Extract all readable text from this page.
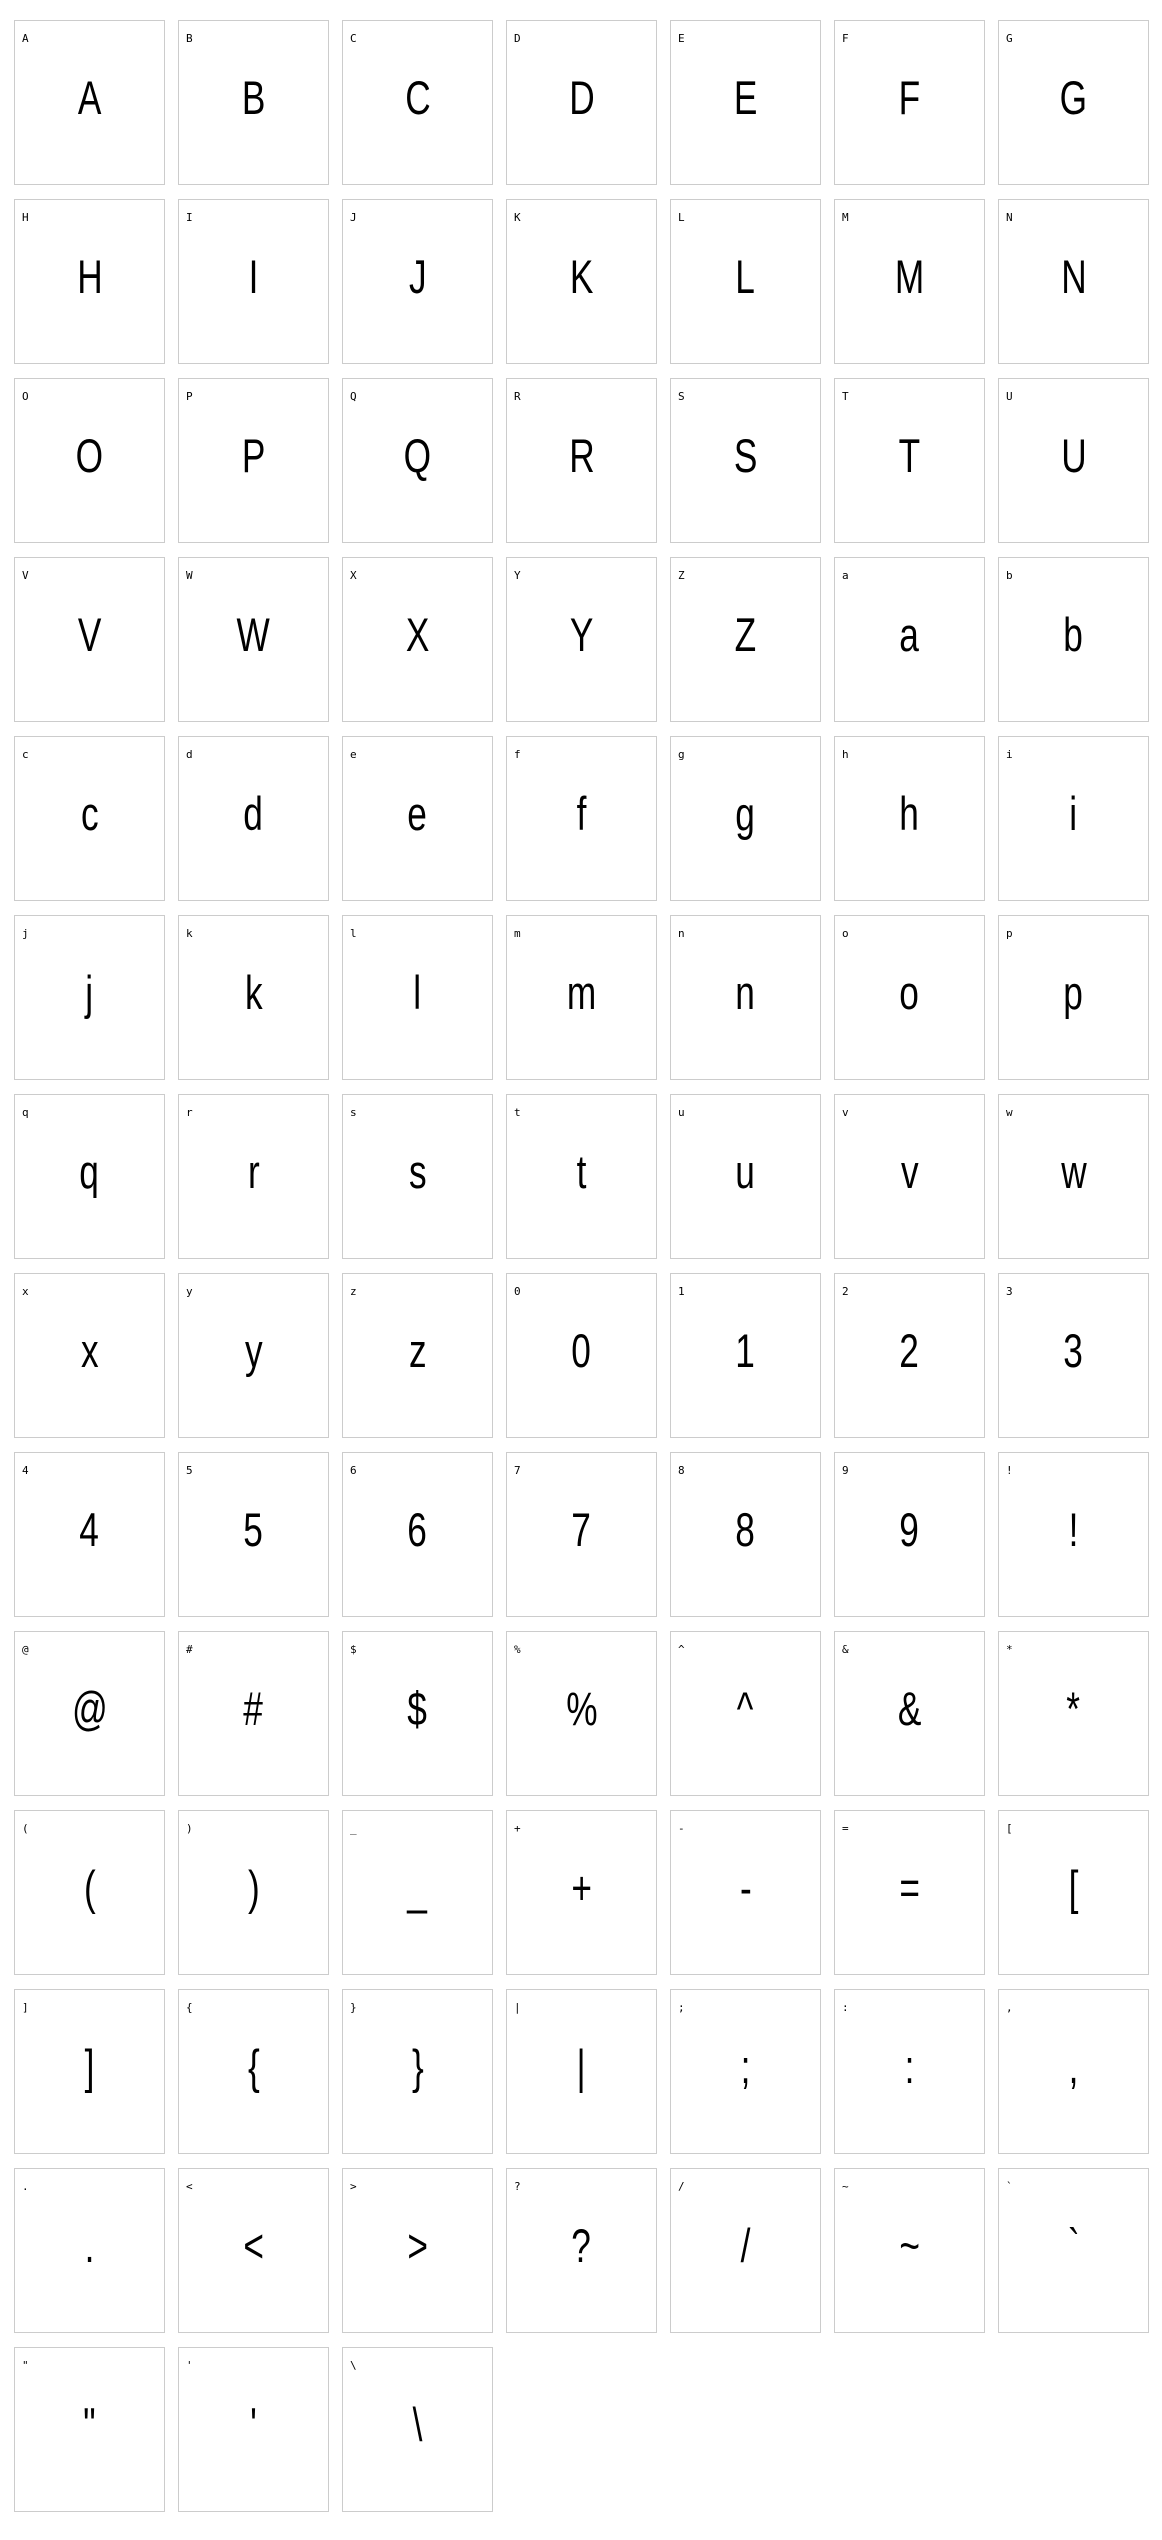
A
A
B
B
C
C
D
D
E
E
F
F
G
G
H
H
I
I
J
J
K
K
L
L
M
M
N
N
O
O
P
P
Q
Q
R
R
S
S
T
T
U
U
V
V
W
W
X
X
Y
Y
Z
Z
a
a
b
b
c
c
d
d
e
e
f
f
g
g
h
h
i
i
j
j
k
k
l
l
m
m
n
n
o
o
p
p
q
q
r
r
s
s
t
t
u
u
v
v
w
w
x
x
y
y
z
z
0
0
1
1
2
2
3
3
4
4
5
5
6
6
7
7
8
8
9
9
!
!
@
@
#
#
$
$
%
%
^
^
&
&
*
*
(
(
)
)
_
_
+
+
-
-
=
=
[
[
]
]
{
{
}
}
|
|
;
;
:
:
,
,
.
.
<
<
>
>
?
?
/
/
~
~
`
`
"
"
'
'
\
\
